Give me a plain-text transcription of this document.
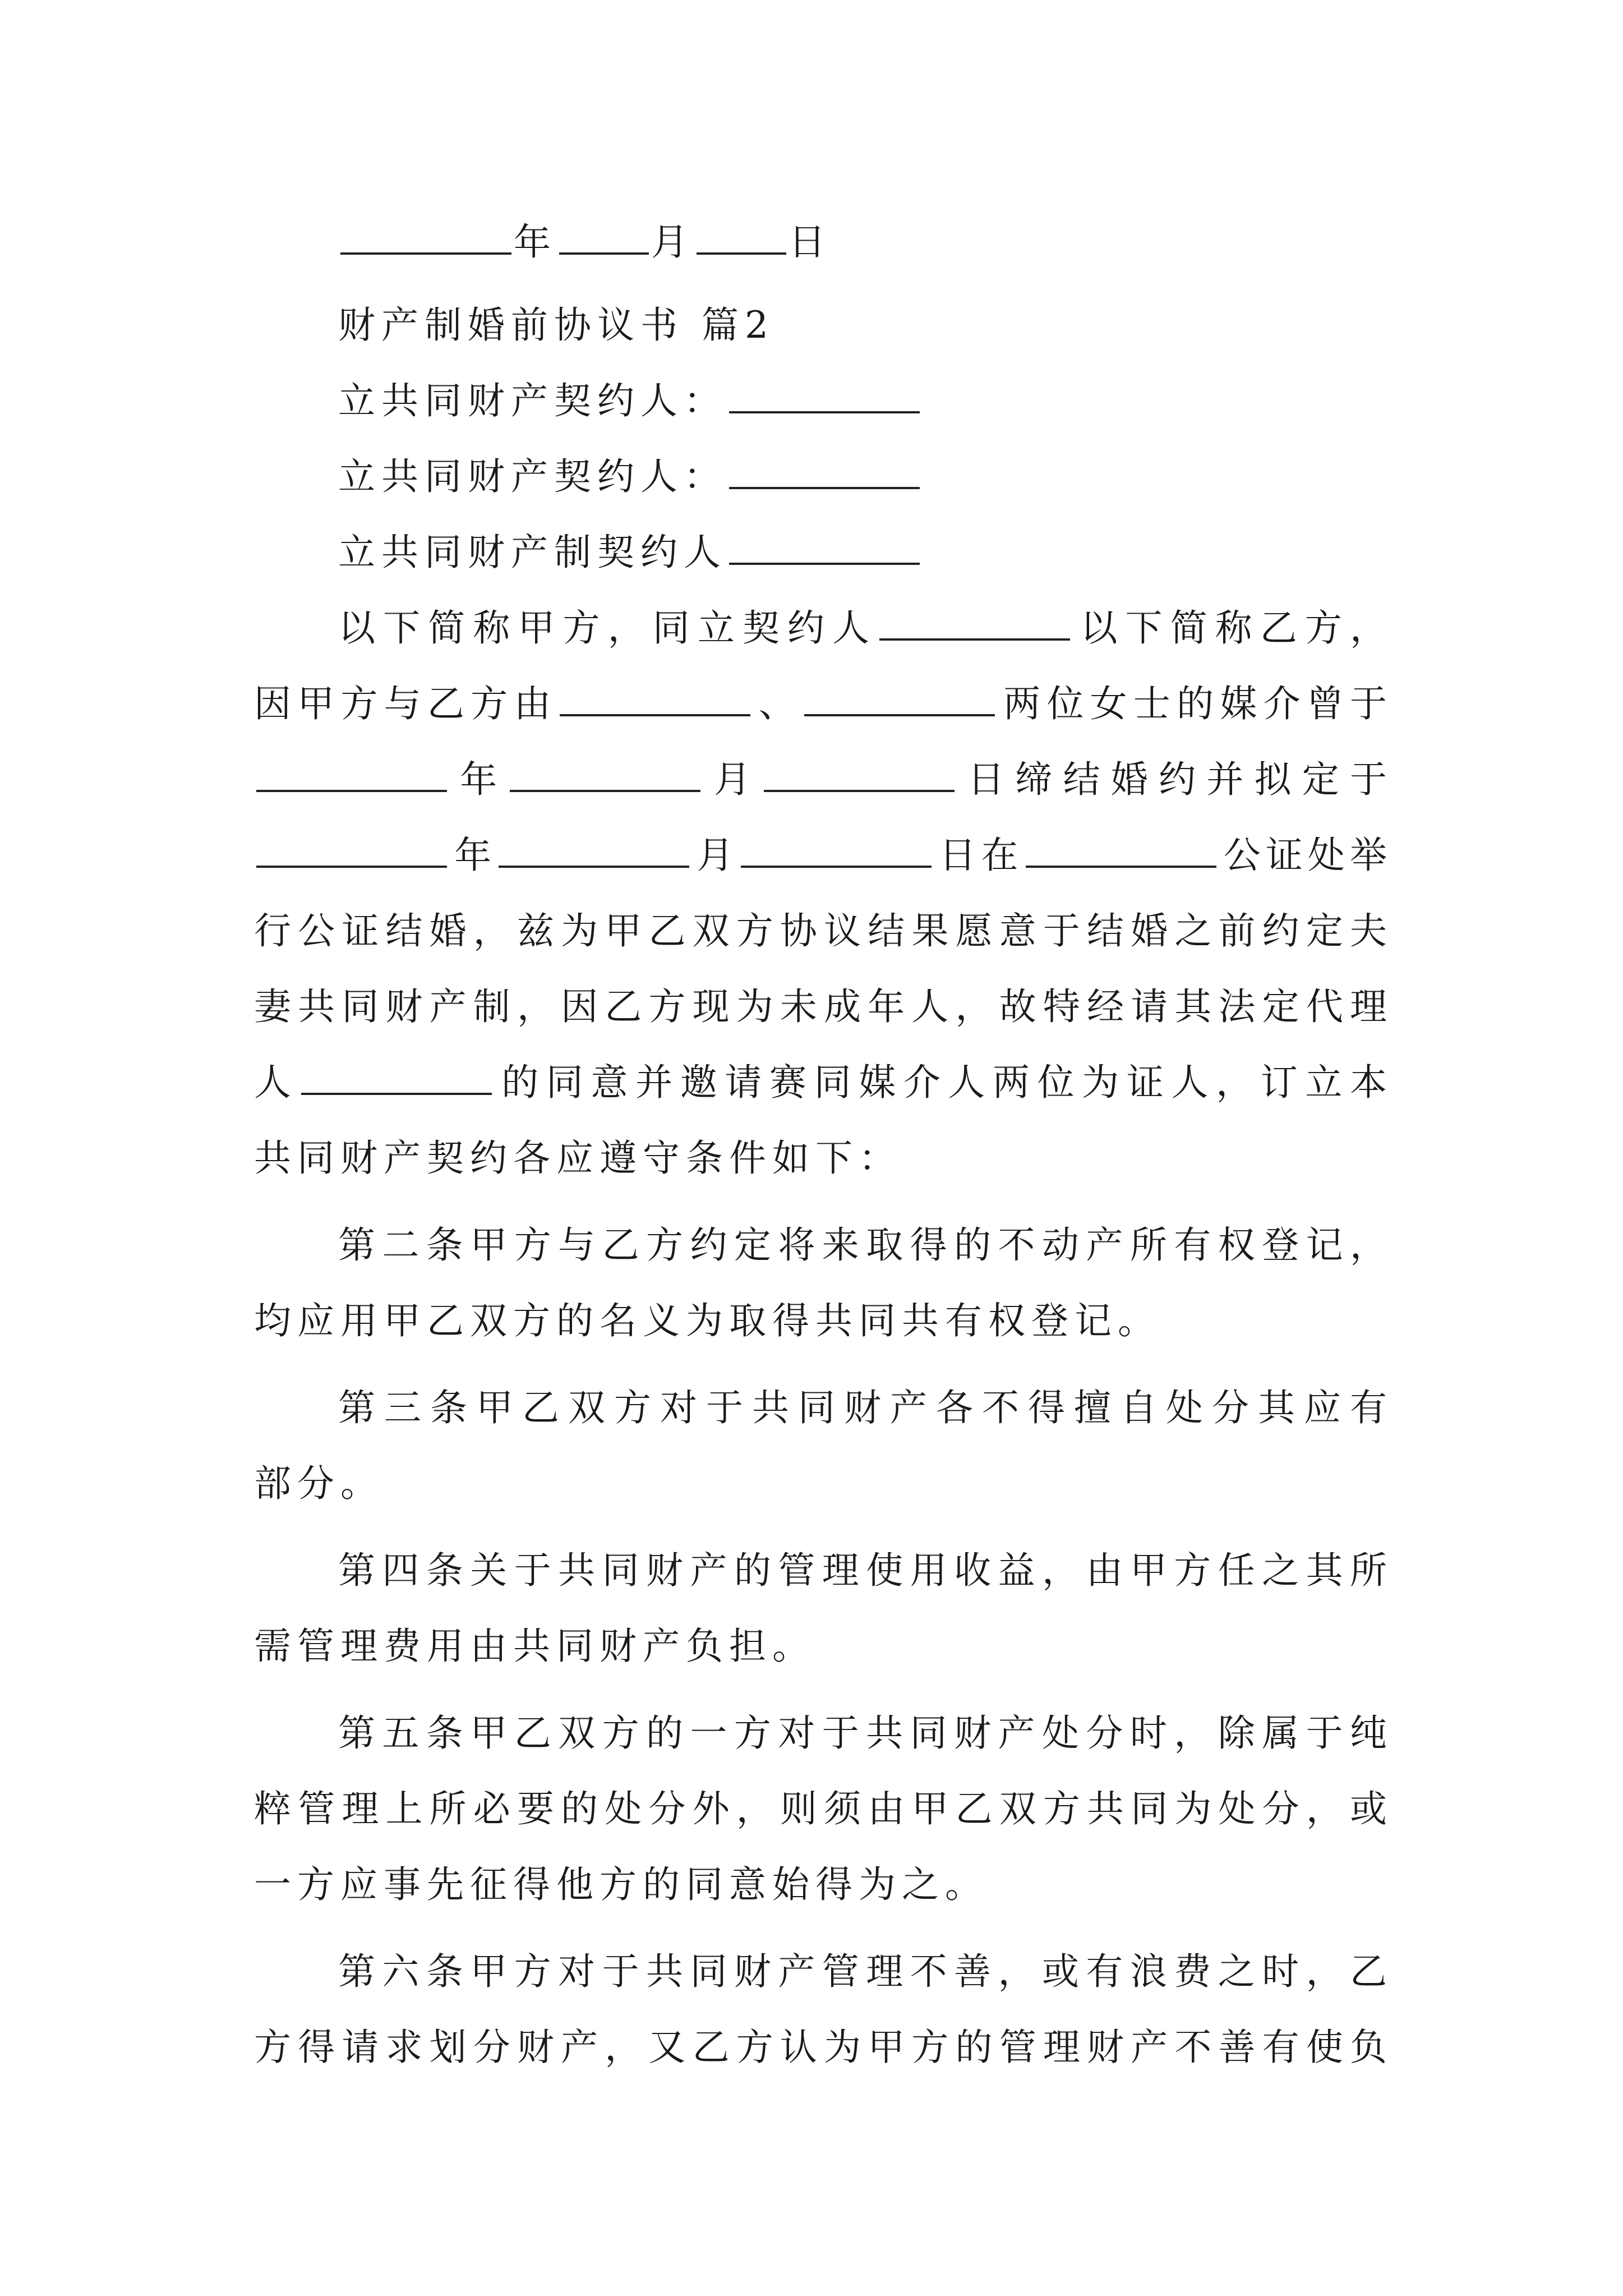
年	月	日
财产制婚前协议书 篇2
立共同财产契约人：
立共同财产契约人：
立共同财产制契约人
以下简称甲方，同立契约人	以下简称乙方，
因甲方与乙方由	、	两位女士的媒介曾于
年	月	日缔结婚约并拟定于
年	月	日在	公证处举
行公证结婚，兹为甲乙双方协议结果愿意于结婚之前约定夫
妻共同财产制，因乙方现为未成年人，故特经请其法定代理
人	的同意并邀请赛同媒介人两位为证人，订立本
共同财产契约各应遵守条件如下：
第二条甲方与乙方约定将来取得的不动产所有权登记，
均应用甲乙双方的名义为取得共同共有权登记。
第三条甲乙双方对于共同财产各不得擅自处分其应有
部分。
第四条关于共同财产的管理使用收益，由甲方任之其所
需管理费用由共同财产负担。
第五条甲乙双方的一方对于共同财产处分时，除属于纯
粹管理上所必要的处分外，则须由甲乙双方共同为处分，或
一方应事先征得他方的同意始得为之。
第六条甲方对于共同财产管理不善，或有浪费之时，乙
方得请求划分财产，又乙方认为甲方的管理财产不善有使负
